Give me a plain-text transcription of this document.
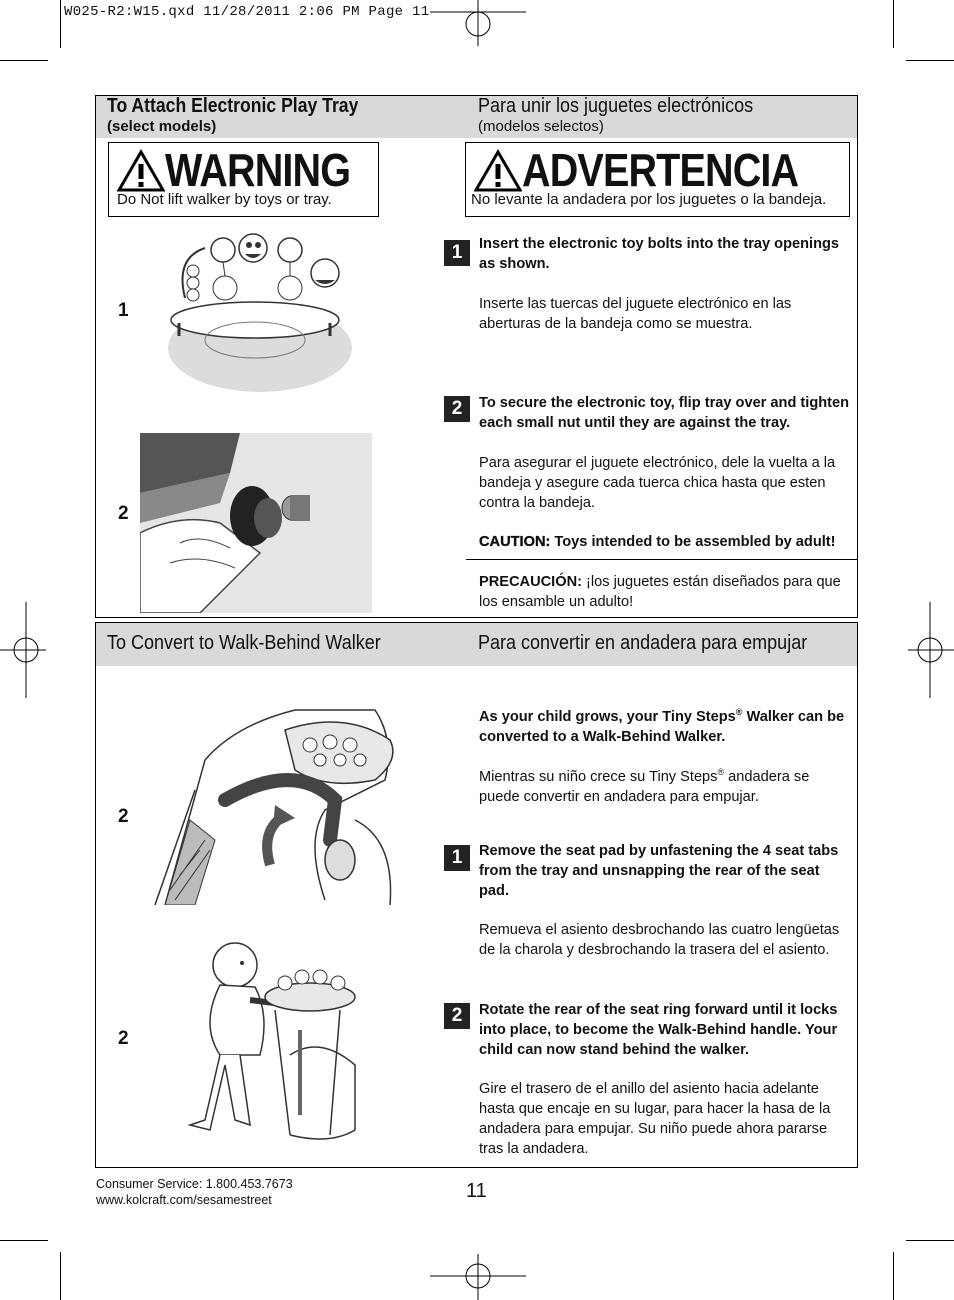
W025-R2:W15.qxd 11/28/2011 2:06 PM Page 11
To Attach Electronic Play Tray
(select models)
Para unir los juguetes electrónicos
(modelos selectos)
WARNING
Do Not lift walker by toys or tray.
ADVERTENCIA
No levante la andadera por los juguetes o la bandeja.
1
2
1	Insert the electronic toy bolts into the tray openings as shown.
Inserte las tuercas del juguete electrónico en las aberturas de la bandeja como se muestra.
2	To secure the electronic toy, flip tray over and tighten each small nut until they are against the tray.
Para asegurar el juguete electrónico, dele la vuelta a la bandeja y asegure cada tuerca chica hasta que esten contra la bandeja.
CAUTION: Toys intended to be assembled by adult!
PRECAUCIÓN: ¡los juguetes están diseñados para que los ensamble un adulto!
To Convert to Walk-Behind Walker	Para convertir en andadera para empujar
2
2
As your child grows, your Tiny Steps® Walker can be converted to a Walk-Behind Walker.
Mientras su niño crece su Tiny Steps® andadera se puede convertir en andadera para empujar.
1	Remove the seat pad by unfastening the 4 seat tabs from the tray and unsnapping the rear of the seat pad.
Remueva el asiento desbrochando las cuatro lengüetas de la charola y desbrochando la trasera del el asiento.
2	Rotate the rear of the seat ring forward until it locks into place, to become the Walk-Behind handle. Your child can now stand behind the walker.
Gire el trasero de el anillo del asiento hacia adelante hasta que encaje en su lugar, para hacer la hasa de la andadera para empujar. Su niño puede ahora pararse tras la andadera.
Consumer Service: 1.800.453.7673
www.kolcraft.com/sesamestreet	11
